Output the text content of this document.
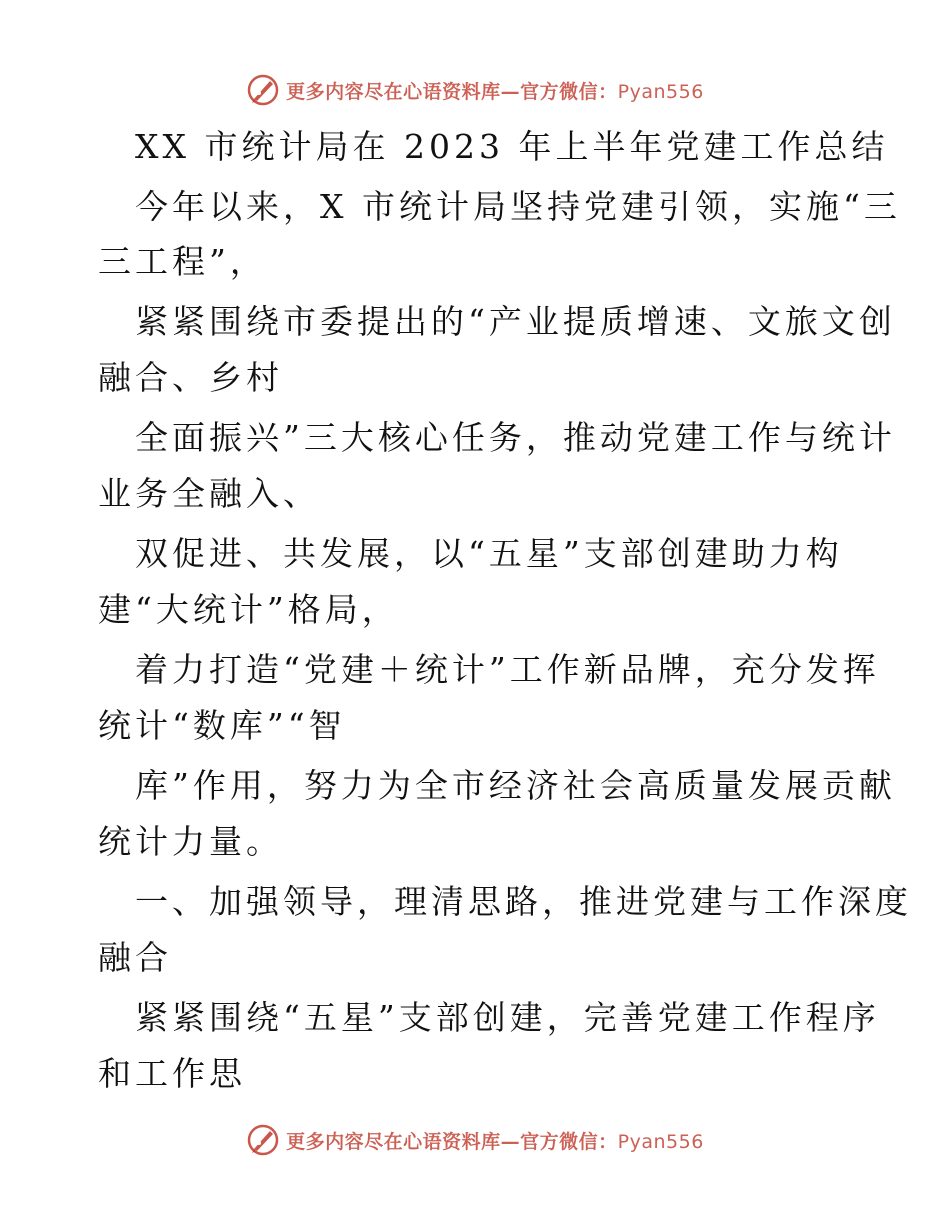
更多内容尽在心语资料库—官方微信：Pyan556
XX 市统计局在 2023 年上半年党建工作总结
今年以来，X 市统计局坚持党建引领，实施“三
三工程”，
紧紧围绕市委提出的“产业提质增速、文旅文创
融合、乡村
全面振兴”三大核心任务，推动党建工作与统计
业务全融入、
双促进、共发展，以“五星”支部创建助力构
建“大统计”格局，
着力打造“党建＋统计”工作新品牌，充分发挥
统计“数库”“智
库”作用，努力为全市经济社会高质量发展贡献
统计力量。
一、加强领导，理清思路，推进党建与工作深度
融合
紧紧围绕“五星”支部创建，完善党建工作程序
和工作思
更多内容尽在心语资料库—官方微信：Pyan556
